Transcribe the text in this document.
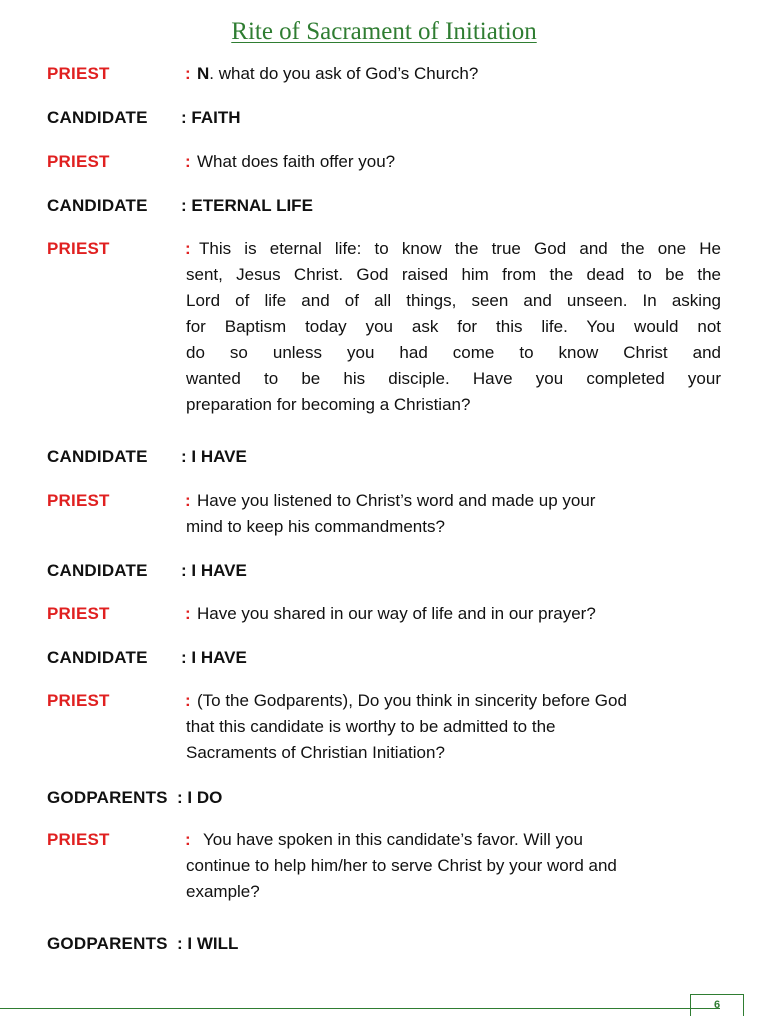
Rite of Sacrament of Initiation
PRIEST	: N. what do you ask of God’s Church?
CANDIDATE : FAITH
PRIEST	: What does faith offer you?
CANDIDATE : ETERNAL LIFE
PRIEST	: This is eternal life: to know the true God and the one He
sent, Jesus Christ. God raised him from the dead to be the
Lord of life and of all things, seen and unseen. In asking
for Baptism today you ask for this life. You would not
do so unless you had come to know Christ and
wanted to be his disciple. Have you completed your
preparation for becoming a Christian?
CANDIDATE : I HAVE
PRIEST	: Have you listened to Christ’s word and made up your
mind to keep his commandments?
CANDIDATE : I HAVE
PRIEST	: Have you shared in our way of life and in our prayer?
CANDIDATE : I HAVE
PRIEST	: (To the Godparents), Do you think in sincerity before God
that this candidate is worthy to be admitted to the
Sacraments of Christian Initiation?
GODPARENTS : I DO
PRIEST	: You have spoken in this candidate’s favor. Will you
continue to help him/her to serve Christ by your word and
example?
GODPARENTS : I WILL
6
